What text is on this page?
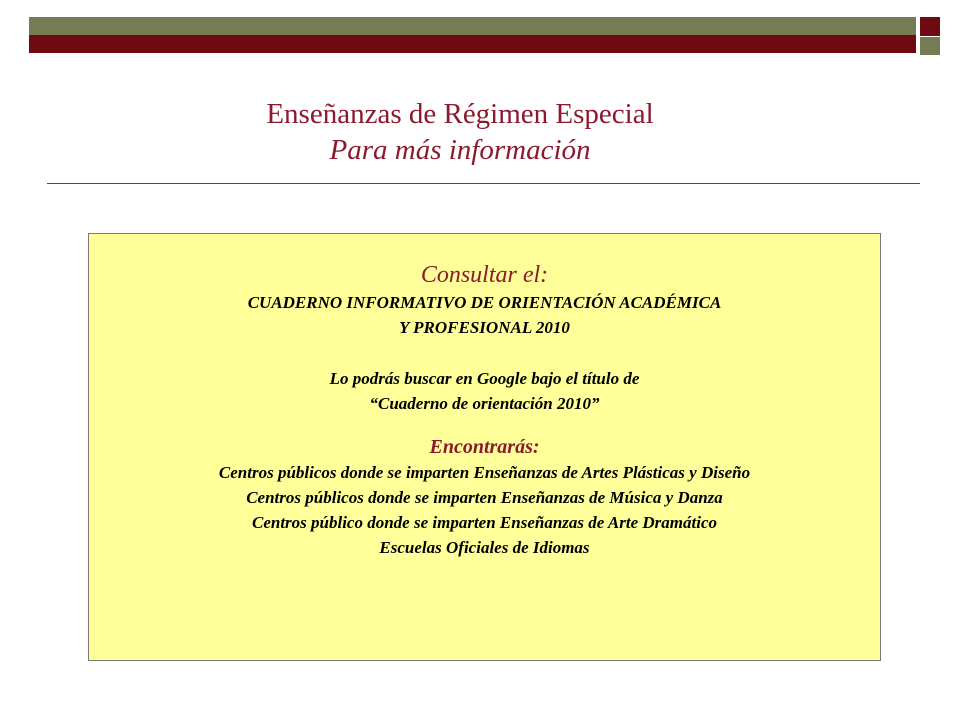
Enseñanzas de Régimen Especial
Para más información
Consultar el:
CUADERNO INFORMATIVO DE ORIENTACIÓN ACADÉMICA
Y PROFESIONAL 2010
Lo podrás buscar en Google bajo el título de
“Cuaderno de orientación 2010”
Encontrarás:
Centros públicos donde se imparten Enseñanzas de Artes Plásticas y Diseño
Centros públicos donde se imparten Enseñanzas de Música y Danza
Centros público donde se imparten Enseñanzas de Arte Dramático
Escuelas Oficiales de Idiomas
